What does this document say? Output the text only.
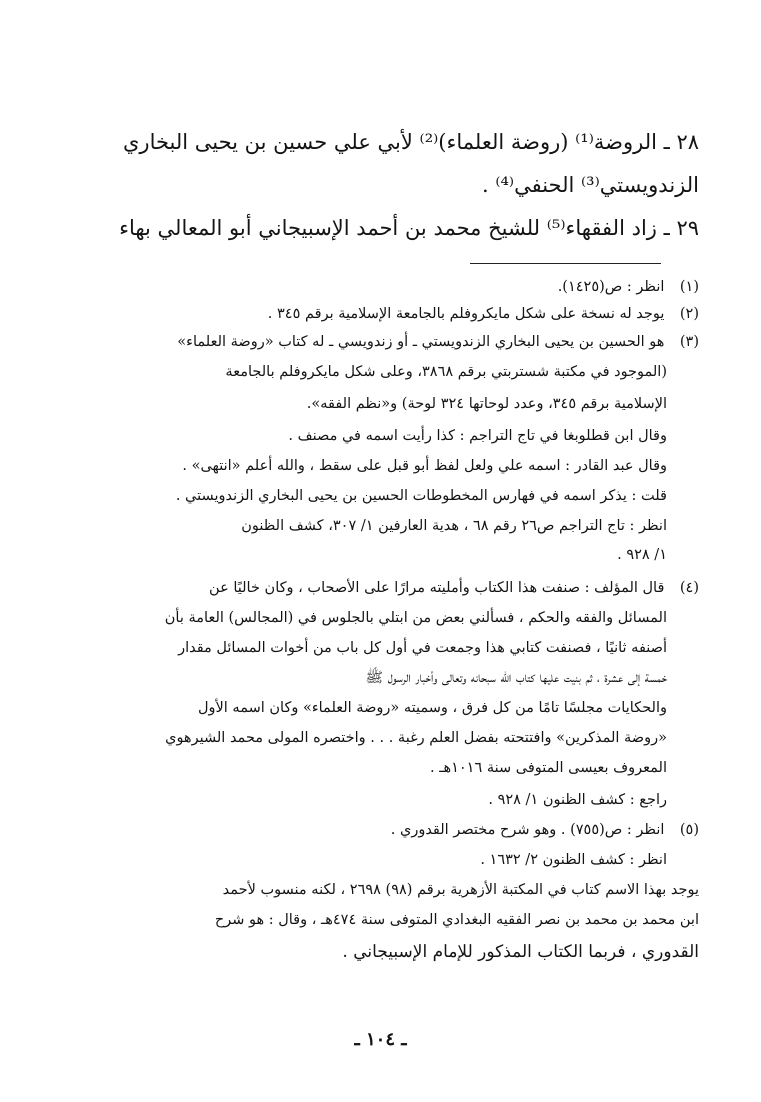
٢٨ ـ الروضة⁽¹⁾ (روضة العلماء)⁽²⁾ لأبي علي حسين بن يحيى البخاري
الزندويستي⁽³⁾ الحنفي⁽⁴⁾ .
٢٩ ـ زاد الفقهاء⁽⁵⁾ للشيخ محمد بن أحمد الإسبيجاني أبو المعالي بهاء
(١) انظر : ص(١٤٢٥).
(٢) يوجد له نسخة على شكل مايكروفلم بالجامعة الإسلامية برقم ٣٤٥ .
(٣) هو الحسين بن يحيى البخاري الزندويستي ـ أو زندويسي ـ له كتاب «روضة العلماء»
(الموجود في مكتبة شستربتي برقم ٣٨٦٨، وعلى شكل مايكروفلم بالجامعة
الإسلامية برقم ٣٤٥، وعدد لوحاتها ٣٢٤ لوحة) و«نظم الفقه».
وقال ابن قطلوبغا في تاج التراجم : كذا رأيت اسمه في مصنف .
وقال عبد القادر : اسمه علي ولعل لفظ أبو قبل على سقط ، والله أعلم «انتهى» .
قلت : يذكر اسمه في فهارس المخطوطات الحسين بن يحيى البخاري الزندويستي .
انظر : تاج التراجم ص٢٦ رقم ٦٨ ، هدية العارفين ١/ ٣٠٧، كشف الظنون
١/ ٩٢٨ .
(٤) قال المؤلف : صنفت هذا الكتاب وأمليته مرارًا على الأصحاب ، وكان خاليًا عن
المسائل والفقه والحكم ، فسألني بعض من ابتلي بالجلوس في (المجالس) العامة بأن
أصنفه ثانيًا ، فصنفت كتابي هذا وجمعت في أول كل باب من أخوات المسائل مقدار
خمسة إلى عشرة ، ثم بنيت عليها كتاب الله سبحانه وتعالى وأخبار الرسول ﷺ
والحكايات مجلسًا تامًا من كل فرق ، وسميته «روضة العلماء» وكان اسمه الأول
«روضة المذكرين» وافتتحته بفضل العلم رغبة . . . واختصره المولى محمد الشيرهوي
المعروف بعيسى المتوفى سنة ١٠١٦هـ .
راجع : كشف الظنون ١/ ٩٢٨ .
(٥) انظر : ص(٧٥٥) . وهو شرح مختصر القدوري .
انظر : كشف الظنون ٢/ ١٦٣٢ .
يوجد بهذا الاسم كتاب في المكتبة الأزهرية برقم (٩٨) ٢٦٩٨ ، لكنه منسوب لأحمد
ابن محمد بن محمد بن نصر الفقيه البغدادي المتوفى سنة ٤٧٤هـ ، وقال : هو شرح
القدوري ، فربما الكتاب المذكور للإمام الإسبيجاني .
ـ ١٠٤ ـ
